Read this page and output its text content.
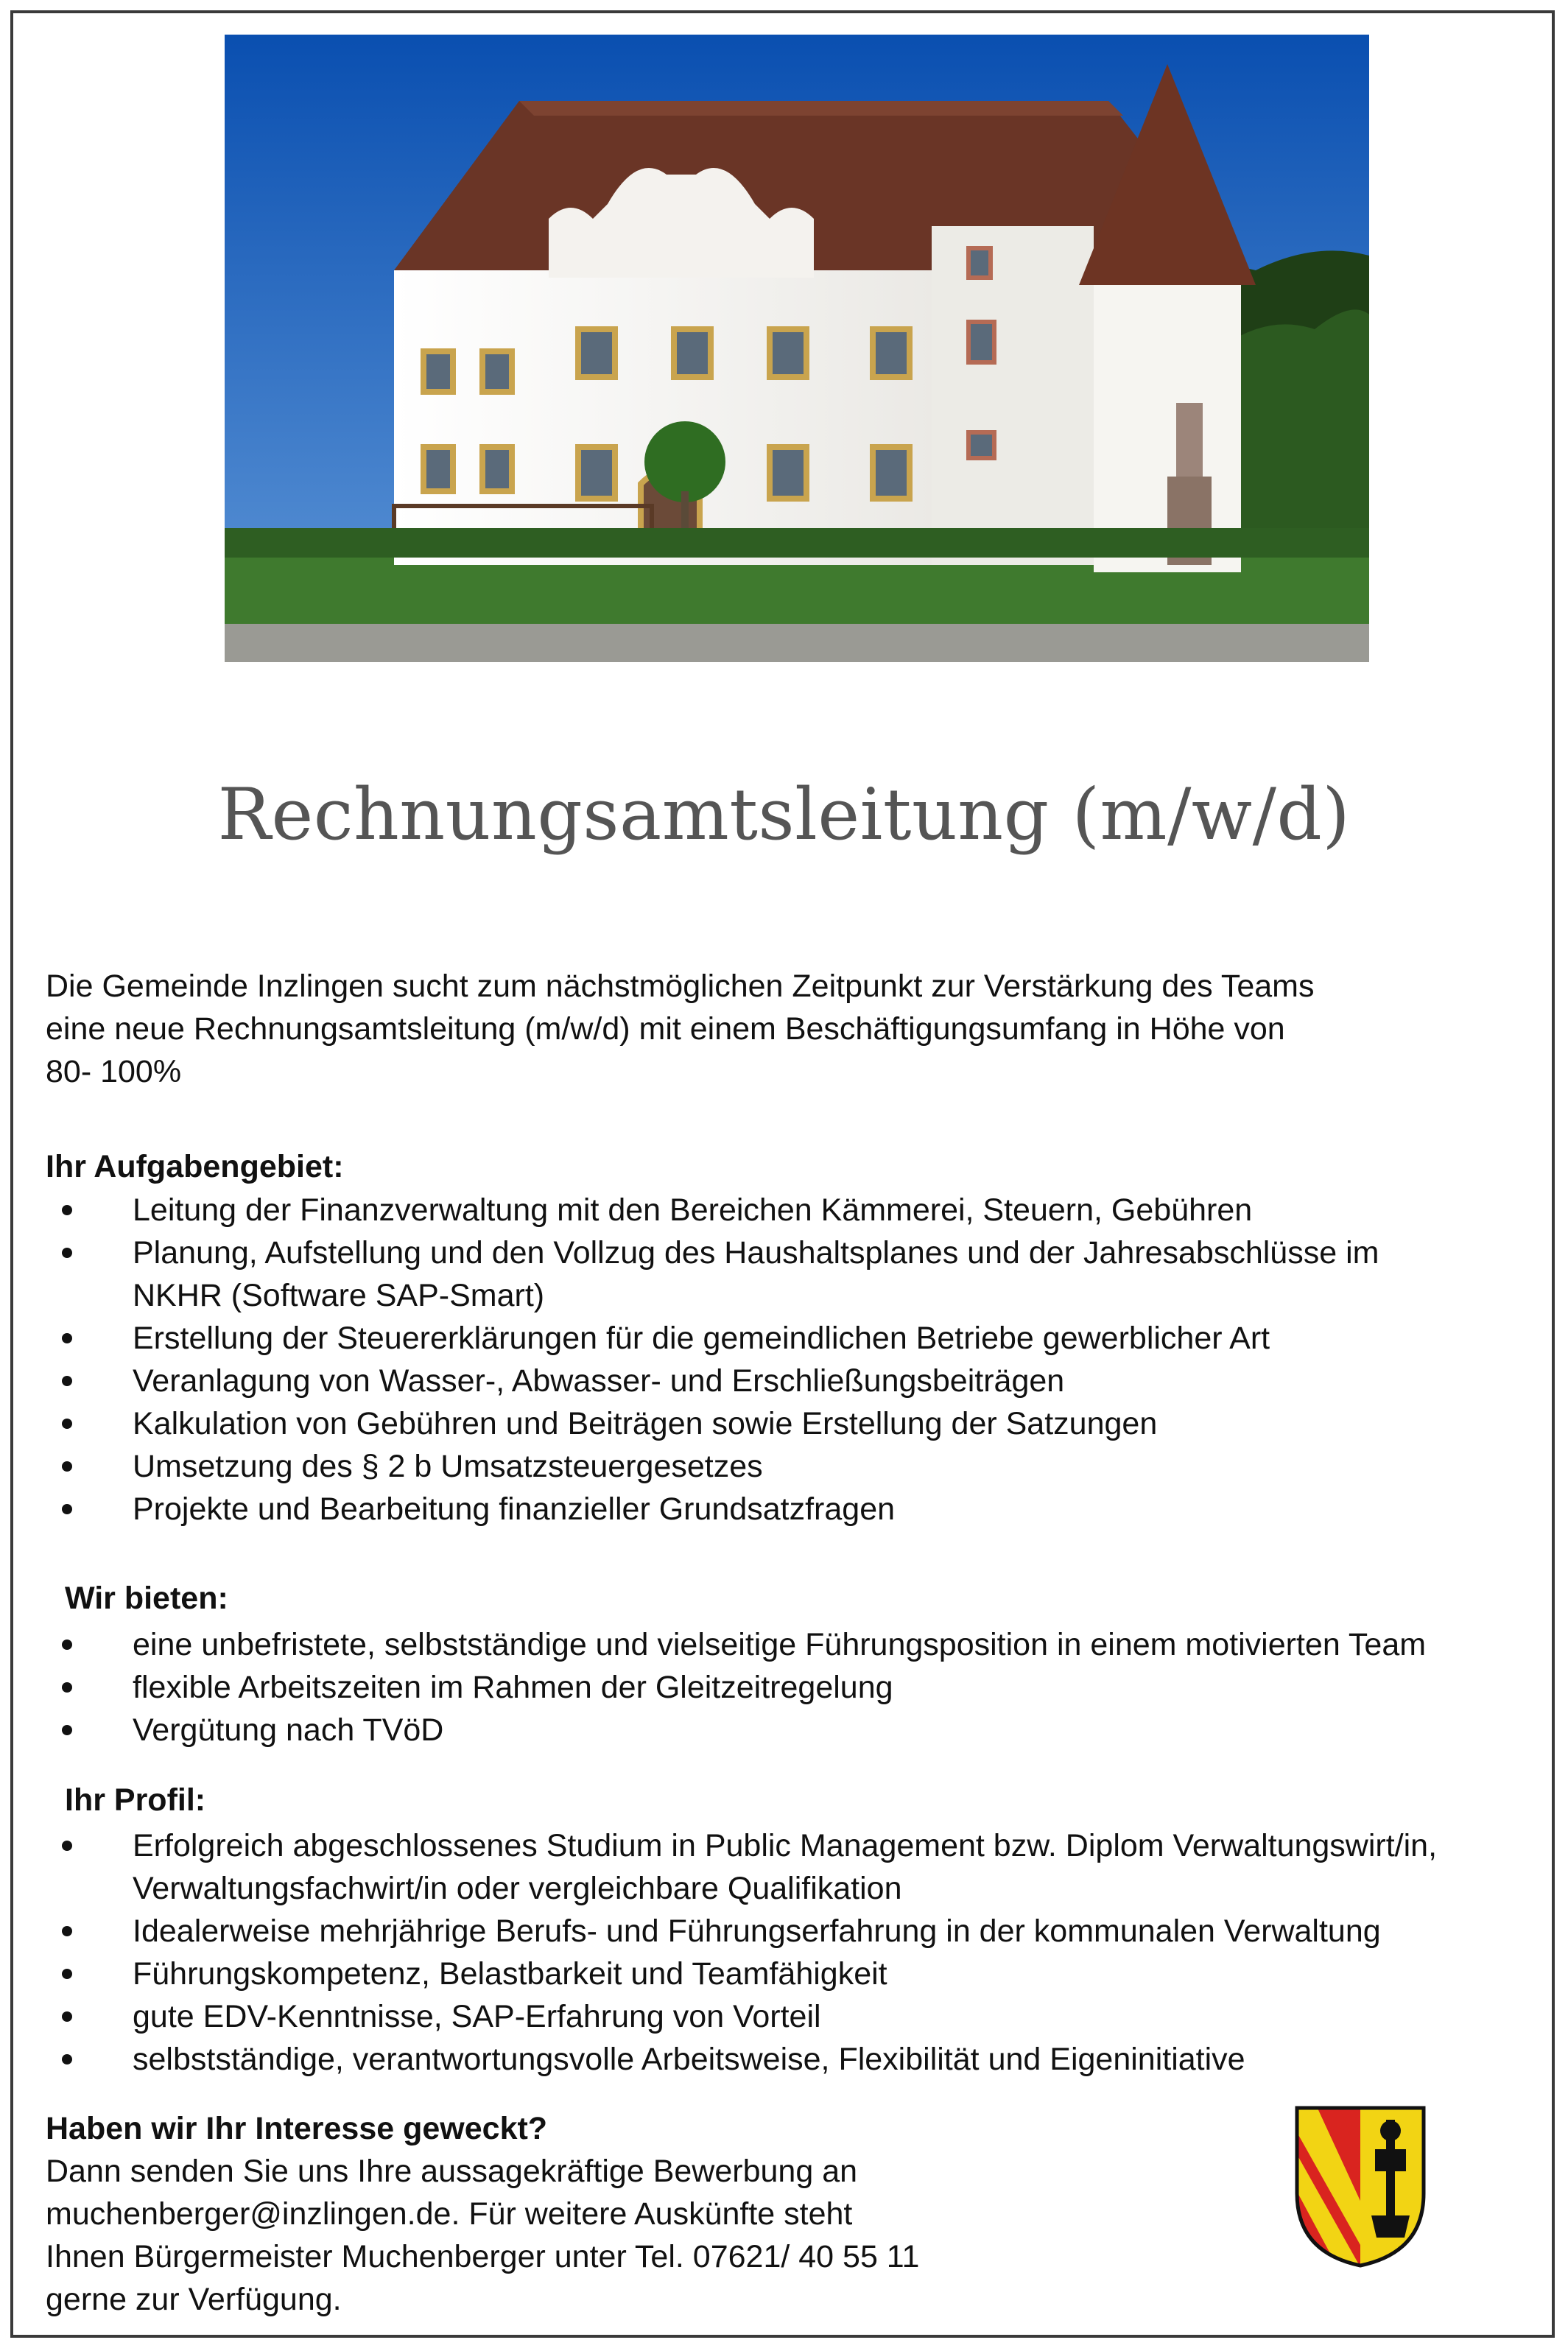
Rechnungsamtsleitung (m/w/d)

Die Gemeinde Inzlingen sucht zum nächstmöglichen Zeitpunkt zur Verstärkung des Teams

eine neue Rechnungsamtsleitung (m/w/d) mit einem Beschäftigungsumfang in Höhe von

80- 100%

Ihr Aufgabengebiet:
Leitung der Finanzverwaltung mit den Bereichen Kämmerei, Steuern, Gebühren
Planung, Aufstellung und den Vollzug des Haushaltsplanes und der Jahresabschlüsse im
NKHR (Software SAP-Smart)
Erstellung der Steuererklärungen für die gemeindlichen Betriebe gewerblicher Art
Veranlagung von Wasser-, Abwasser- und Erschließungsbeiträgen
Kalkulation von Gebühren und Beiträgen sowie Erstellung der Satzungen
Umsetzung des § 2 b Umsatzsteuergesetzes
Projekte und Bearbeitung finanzieller Grundsatzfragen
Wir bieten:
eine unbefristete, selbstständige und vielseitige Führungsposition in einem motivierten Team
flexible Arbeitszeiten im Rahmen der Gleitzeitregelung
Vergütung nach TVöD
Ihr Profil:
Erfolgreich abgeschlossenes Studium in Public Management bzw. Diplom Verwaltungswirt/in,
Verwaltungsfachwirt/in oder vergleichbare Qualifikation
Idealerweise mehrjährige Berufs- und Führungserfahrung in der kommunalen Verwaltung
Führungskompetenz, Belastbarkeit und Teamfähigkeit
gute EDV-Kenntnisse, SAP-Erfahrung von Vorteil
selbstständige, verantwortungsvolle Arbeitsweise, Flexibilität und Eigeninitiative
Haben wir Ihr Interesse geweckt?
Dann senden Sie uns Ihre aussagekräftige Bewerbung an
muchenberger@inzlingen.de. Für weitere Auskünfte steht
Ihnen Bürgermeister Muchenberger unter Tel. 07621/ 40 55 11
gerne zur Verfügung.
